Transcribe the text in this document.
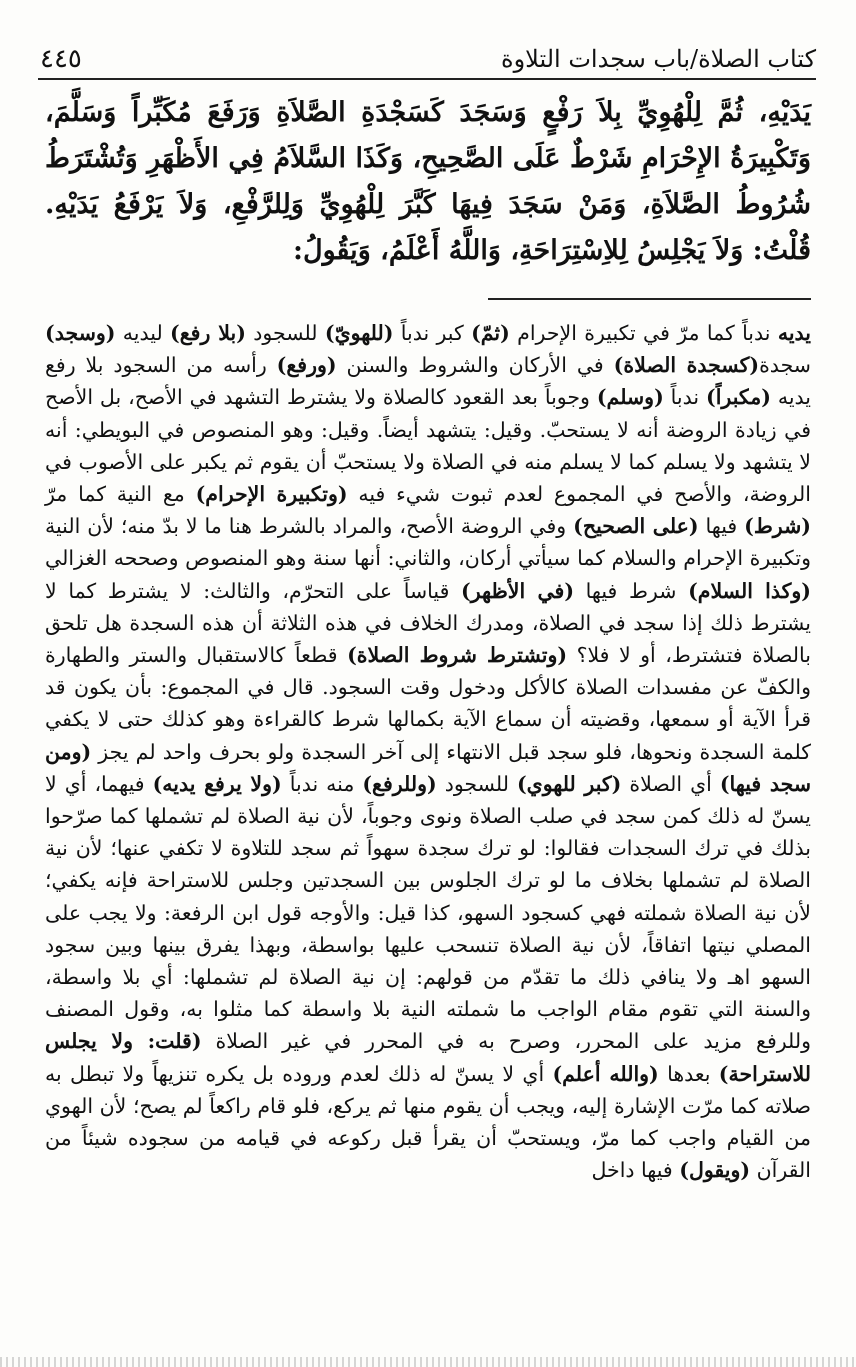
كتاب الصلاة/باب سجدات التلاوة
٤٤٥
يَدَيْهِ، ثُمَّ لِلْهُوِيِّ بِلاَ رَفْعٍ وَسَجَدَ كَسَجْدَةِ الصَّلاَةِ وَرَفَعَ مُكَبِّراً وَسَلَّمَ، وَتَكْبِيرَةُ الإِحْرَامِ شَرْطٌ عَلَى الصَّحِيحِ، وَكَذَا السَّلاَمُ فِي الأَظْهَرِ وَتُشْتَرَطُ شُرُوطُ الصَّلاَةِ، وَمَنْ سَجَدَ فِيهَا كَبَّرَ لِلْهُوِيِّ وَلِلرَّفْعِ، وَلاَ يَرْفَعُ يَدَيْهِ. قُلْتُ: وَلاَ يَجْلِسُ لِلاِسْتِرَاحَةِ، وَاللَّهُ أَعْلَمُ، وَيَقُولُ:
يديه ندباً كما مرّ في تكبيرة الإحرام (ثمّ) كبر ندباً (للهويّ) للسجود (بلا رفع) ليديه (وسجد) سجدة(كسجدة الصلاة) في الأركان والشروط والسنن (ورفع) رأسه من السجود بلا رفع يديه (مكبراً) ندباً (وسلم) وجوباً بعد القعود كالصلاة ولا يشترط التشهد في الأصح، بل الأصح في زيادة الروضة أنه لا يستحبّ. وقيل: يتشهد أيضاً. وقيل: وهو المنصوص في البويطي: أنه لا يتشهد ولا يسلم كما لا يسلم منه في الصلاة ولا يستحبّ أن يقوم ثم يكبر على الأصوب في الروضة، والأصح في المجموع لعدم ثبوت شيء فيه (وتكبيرة الإحرام) مع النية كما مرّ (شرط) فيها (على الصحيح) وفي الروضة الأصح، والمراد بالشرط هنا ما لا بدّ منه؛ لأن النية وتكبيرة الإحرام والسلام كما سيأتي أركان، والثاني: أنها سنة وهو المنصوص وصححه الغزالي (وكذا السلام) شرط فيها (في الأظهر) قياساً على التحرّم، والثالث: لا يشترط كما لا يشترط ذلك إذا سجد في الصلاة، ومدرك الخلاف في هذه الثلاثة أن هذه السجدة هل تلحق بالصلاة فتشترط، أو لا فلا؟ (وتشترط شروط الصلاة) قطعاً كالاستقبال والستر والطهارة والكفّ عن مفسدات الصلاة كالأكل ودخول وقت السجود. قال في المجموع: بأن يكون قد قرأ الآية أو سمعها، وقضيته أن سماع الآية بكمالها شرط كالقراءة وهو كذلك حتى لا يكفي كلمة السجدة ونحوها، فلو سجد قبل الانتهاء إلى آخر السجدة ولو بحرف واحد لم يجز (ومن سجد فيها) أي الصلاة (كبر للهوي) للسجود (وللرفع) منه ندباً (ولا يرفع يديه) فيهما، أي لا يسنّ له ذلك كمن سجد في صلب الصلاة ونوى وجوباً، لأن نية الصلاة لم تشملها كما صرّحوا بذلك في ترك السجدات فقالوا: لو ترك سجدة سهواً ثم سجد للتلاوة لا تكفي عنها؛ لأن نية الصلاة لم تشملها بخلاف ما لو ترك الجلوس بين السجدتين وجلس للاستراحة فإنه يكفي؛ لأن نية الصلاة شملته فهي كسجود السهو، كذا قيل: والأوجه قول ابن الرفعة: ولا يجب على المصلي نيتها اتفاقاً، لأن نية الصلاة تنسحب عليها بواسطة، وبهذا يفرق بينها وبين سجود السهو اهـ ولا ينافي ذلك ما تقدّم من قولهم: إن نية الصلاة لم تشملها: أي بلا واسطة، والسنة التي تقوم مقام الواجب ما شملته النية بلا واسطة كما مثلوا به، وقول المصنف وللرفع مزيد على المحرر، وصرح به في المحرر في غير الصلاة (قلت: ولا يجلس للاستراحة) بعدها (والله أعلم) أي لا يسنّ له ذلك لعدم وروده بل يكره تنزيهاً ولا تبطل به صلاته كما مرّت الإشارة إليه، ويجب أن يقوم منها ثم يركع، فلو قام راكعاً لم يصح؛ لأن الهوي من القيام واجب كما مرّ، ويستحبّ أن يقرأ قبل ركوعه في قيامه من سجوده شيئاً من القرآن (ويقول) فيها داخل
